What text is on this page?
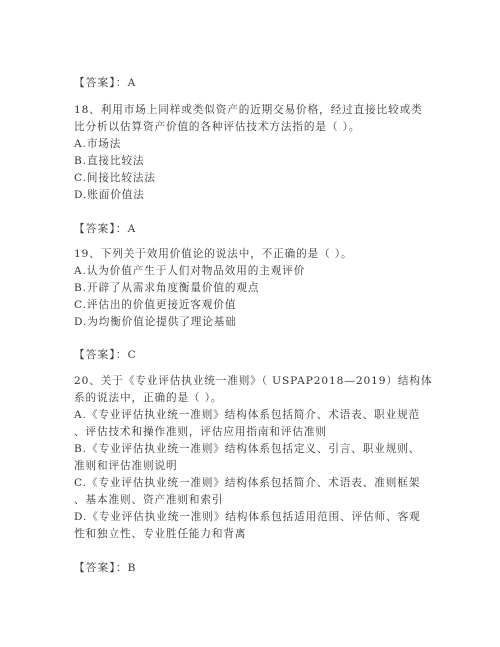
【答案】：A
18、利用市场上同样或类似资产的近期交易价格，经过直接比较或类
比分析以估算资产价值的各种评估技术方法指的是（ ）。
A.市场法
B.直接比较法
C.间接比较法法
D.账面价值法
【答案】：A
19、下列关于效用价值论的说法中，不正确的是（ ）。
A.认为价值产生于人们对物品效用的主观评价
B.开辟了从需求角度衡量价值的观点
C.评估出的价值更接近客观价值
D.为均衡价值论提供了理论基础
【答案】：C
20、关于《专业评估执业统一准则》（ USPAP2018—2019）结构体
系的说法中，正确的是（ ）。
A.《专业评估执业统一准则》结构体系包括简介、术语表、职业规范
、评估技术和操作准则，评估应用指南和评估准则
B.《专业评估执业统一准则》结构体系包括定义、引言、职业规则、
准则和评估准则说明
C.《专业评估执业统一准则》结构体系包括简介、术语表、准则框架
、基本准则、资产准则和索引
D.《专业评估执业统一准则》结构体系包括适用范围、评估师、客观
性和独立性、专业胜任能力和背离
【答案】：B
